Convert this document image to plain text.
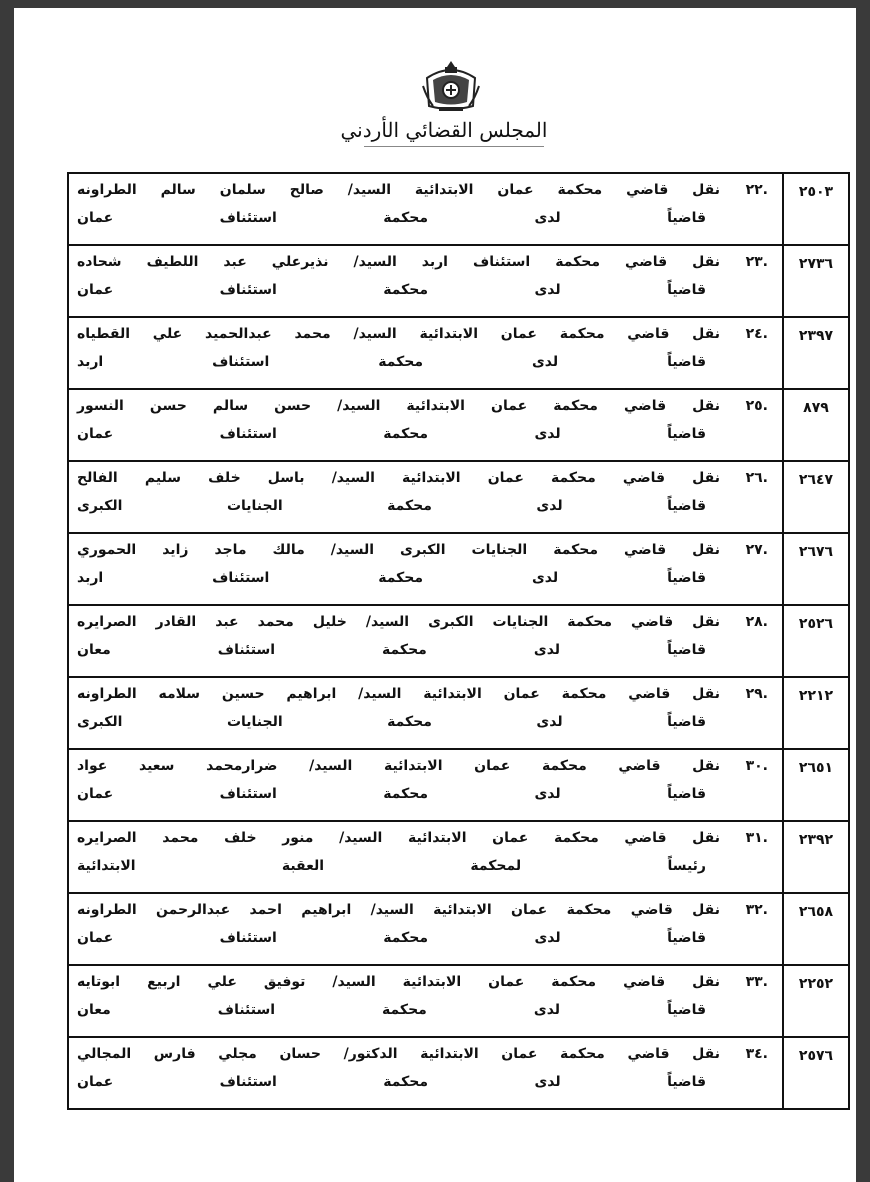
المجلس القضائي الأردني
٢٥٠٣	.٢٢
نقل قاضي محكمة عمان الابتدائية السيد/ صالح سلمان سالم الطراونه
قاضياً لدى محكمة استئناف عمان

٢٧٣٦	.٢٣
نقل قاضي محكمة استئناف اربد السيد/ نذيرعلي عبد اللطيف شحاده
قاضياً لدى محكمة استئناف عمان

٢٣٩٧	.٢٤
نقل قاضي محكمة عمان الابتدائية السيد/ محمد عبدالحميد علي القطياه
قاضياً لدى محكمة استئناف اربد

٨٧٩	.٢٥
نقل قاضي محكمة عمان الابتدائية السيد/ حسن سالم حسن النسور
قاضياً لدى محكمة استئناف عمان

٢٦٤٧	.٢٦
نقل قاضي محكمة عمان الابتدائية السيد/ باسل خلف سليم الفالح
قاضياً لدى محكمة الجنايات الكبرى

٢٦٧٦	.٢٧
نقل قاضي محكمة الجنايات الكبرى السيد/ مالك ماجد زايد الحموري
قاضياً لدى محكمة استئناف اربد

٢٥٢٦	.٢٨
نقل قاضي محكمة الجنايات الكبرى السيد/ خليل محمد عبد القادر الصرايره
قاضياً لدى محكمة استئناف معان

٢٢١٢	.٢٩
نقل قاضي محكمة عمان الابتدائية السيد/ ابراهيم حسين سلامه الطراونه
قاضياً لدى محكمة الجنايات الكبرى

٢٦٥١	.٣٠
نقل قاضي محكمة عمان الابتدائية السيد/ ضرارمحمد سعيد عواد
قاضياً لدى محكمة استئناف عمان

٢٣٩٢	.٣١
نقل قاضي محكمة عمان الابتدائية السيد/ منور خلف محمد الصرايره
رئيساً لمحكمة العقبة الابتدائية

٢٦٥٨	.٣٢
نقل قاضي محكمة عمان الابتدائية السيد/ ابراهيم احمد عبدالرحمن الطراونه
قاضياً لدى محكمة استئناف عمان

٢٢٥٢	.٣٣
نقل قاضي محكمة عمان الابتدائية السيد/ توفيق علي اربيع ابوتايه
قاضياً لدى محكمة استئناف معان

٢٥٧٦	.٣٤
نقل قاضي محكمة عمان الابتدائية الدكتور/ حسان مجلي فارس المجالي
قاضياً لدى محكمة استئناف عمان
